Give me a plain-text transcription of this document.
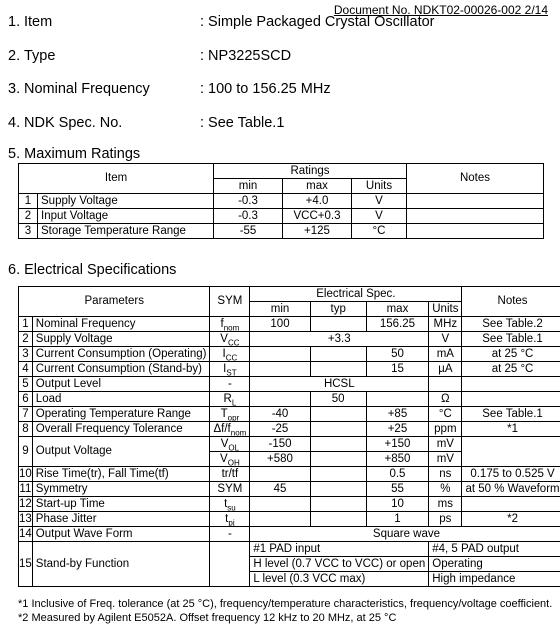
Document No. NDKT02-00026-002 2/14
1. Item	: Simple Packaged Crystal Oscillator
2. Type	: NP3225SCD
3. Nominal Frequency	: 100 to 156.25 MHz
4. NDK Spec. No.	: See Table.1
5. Maximum Ratings
Item		Ratings			Notes
		min	max	Units	
1	Supply Voltage	-0.3	+4.0	V	
2	Input Voltage	-0.3	VCC+0.3	V	
3	Storage Temperature Range	-55	+125	°C	
6. Electrical Specifications
Parameters		SYM	Electrical Spec.				Notes
			min	typ	max	Units	
1	Nominal Frequency	$f_{nom}$	100		156.25	MHz	See Table.2
2	Supply Voltage	$V_{CC}$	+3.3			V	See Table.1
3	Current Consumption (Operating)	$I_{CC}$			50	mA	at 25 °C
4	Current Consumption (Stand-by)	$I_{ST}$			15	µA	at 25 °C
5	Output Level	-	HCSL				
6	Load	$R_L$		50		Ω	
7	Operating Temperature Range	$T_{opr}$	-40		+85	°C	See Table.1
8	Overall Frequency Tolerance	$\Delta f/f_{nom}$	-25		+25	ppm	*1
9	Output Voltage	$V_{OL}$	-150		+150	mV	
		$V_{OH}$	+580		+850	mV	
10	Rise Time(tr), Fall Time(tf)	tr/tf			0.5	ns	0.175 to 0.525 V
11	Symmetry	SYM	45		55	%	at 50 % Waveform
12	Start-up Time	$t_{su}$			10	ms	
13	Phase Jitter	$t_{pj}$			1	ps	*2
14	Output Wave Form	-	Square wave				
15	Stand-by Function		#1 PAD input			#4, 5 PAD output	
			H level (0.7 VCC to VCC) or open			Operating	
			L level (0.3 VCC max)			High impedance	
*1 Inclusive of Freq. tolerance (at 25 °C), frequency/temperature characteristics, frequency/voltage coefficient.
*2 Measured by Agilent E5052A. Offset frequency 12 kHz to 20 MHz, at 25 °C
